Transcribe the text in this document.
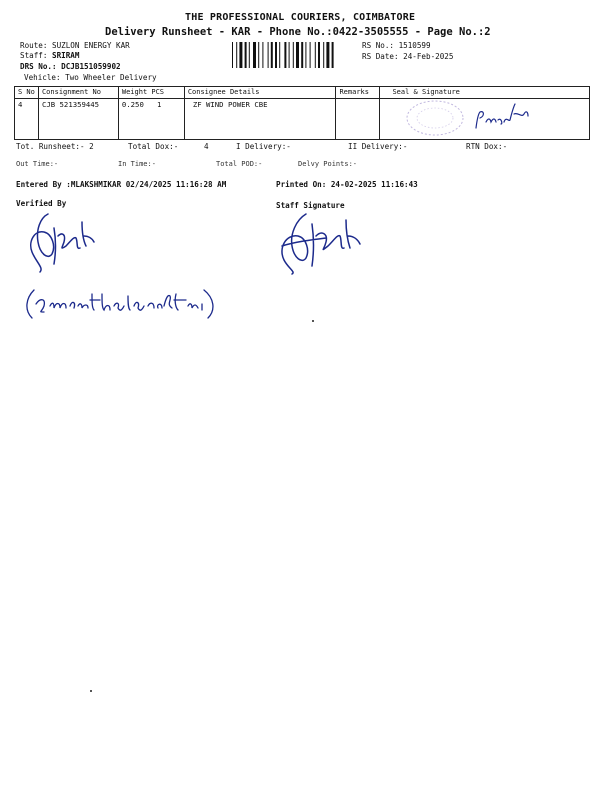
THE PROFESSIONAL COURIERS, COIMBATORE
Delivery Runsheet - KAR - Phone No.:0422-3505555 - Page No.:2
Route: SUZLON ENERGY KAR
Staff: SRIRAM
DRS No.: DCJB151059902
Vehicle: Two Wheeler Delivery
RS No.: 1510599
RS Date: 24-Feb-2025
S No	Consignment No	Weight PCS	Consignee Details	Remarks	Seal & Signature
4	CJB 521359445	0.250   1	ZF WIND POWER CBE		
Tot. Runsheet:- 2	Total Dox:-	4	I Delivery:-	II Delivery:-	RTN Dox:-
Out Time:-	In Time:-	Total POD:-	Delvy Points:-
Entered By :MLAKSHMIKAR 02/24/2025 11:16:28 AM	Printed On: 24-02-2025 11:16:43
Verified By	Staff Signature
